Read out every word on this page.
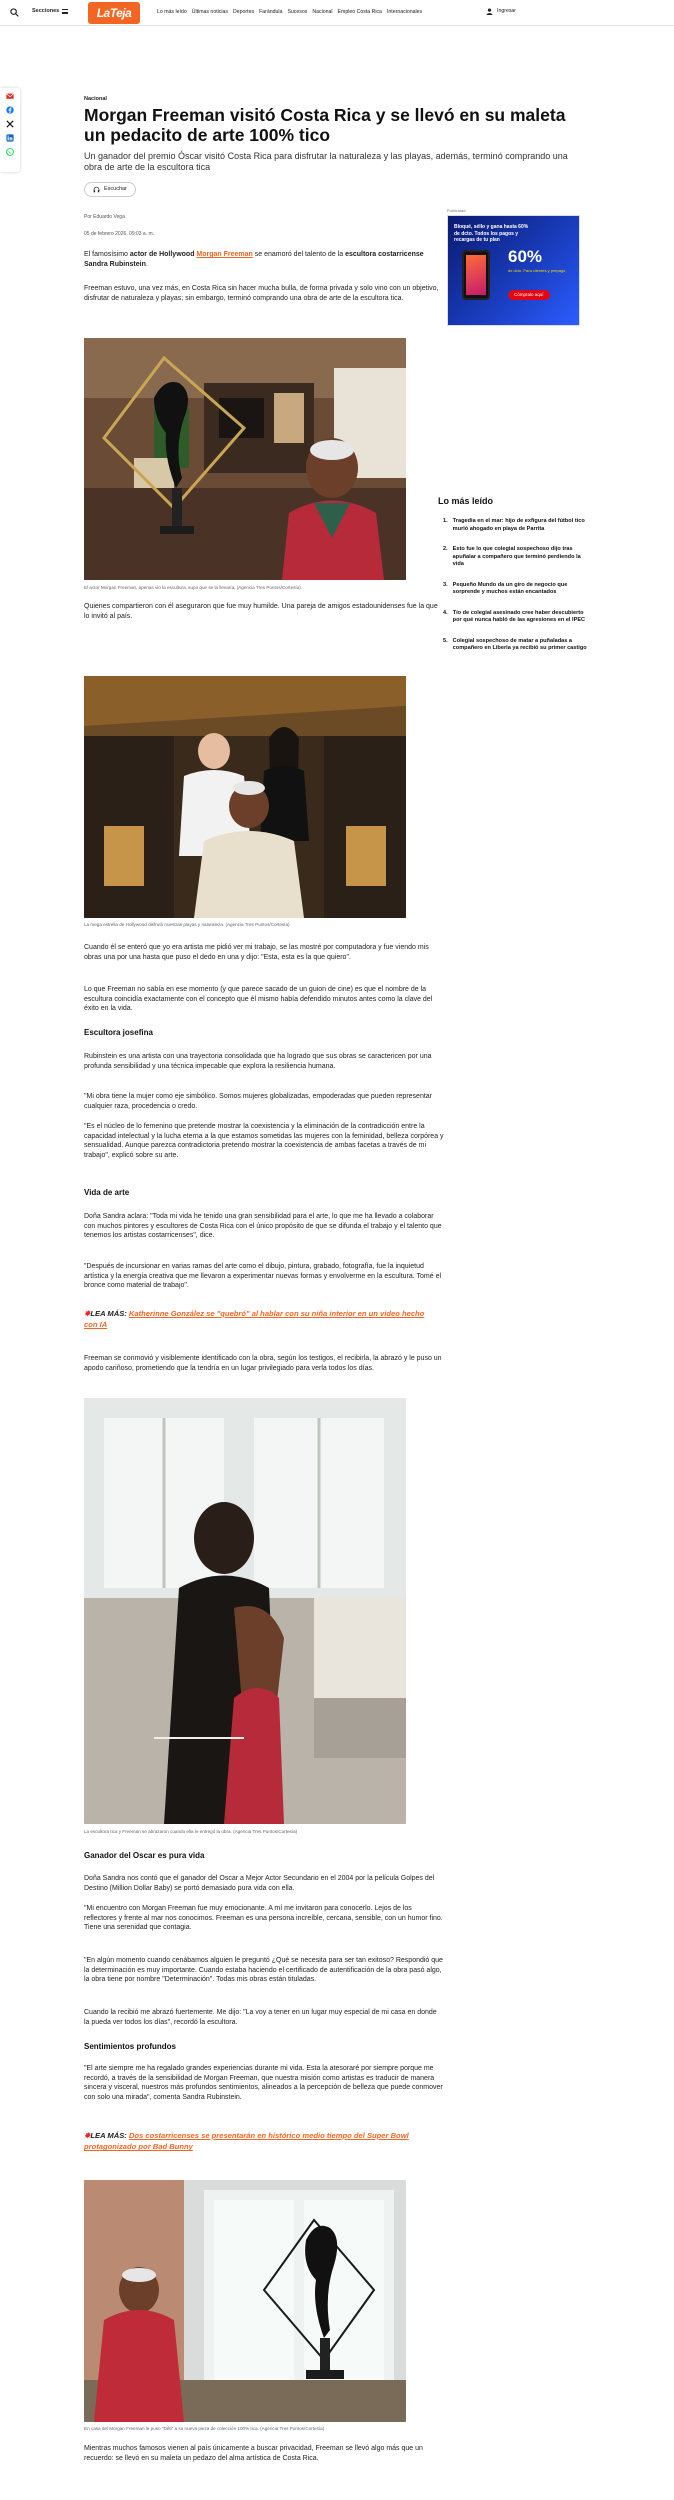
Secciones	LaTeja	Lo más leído Últimas noticias Deportes Farándula Sucesos Nacional Empleo Costa Rica Internacionales	Ingresar
Nacional
Morgan Freeman visitó Costa Rica y se llevó en su maleta un pedacito de arte 100% tico
Un ganador del premio Óscar visitó Costa Rica para disfrutar la naturaleza y las playas, además, terminó comprando una obra de arte de la escultora tica
Escuchar
Por Eduardo Vega
05 de febrero 2026, 09:03 a. m.
El famosísimo actor de Hollywood Morgan Freeman se enamoró del talento de la escultora costarricense Sandra Rubinstein.
Freeman estuvo, una vez más, en Costa Rica sin hacer mucha bulla, de forma privada y solo vino con un objetivo, disfrutar de naturaleza y playas; sin embargo, terminó comprando una obra de arte de la escultora tica.
El actor Morgan Freeman, apenas vio la escultura, supo que se la llevaría. (Agencia Tres Puntos/Cortesía)
Quienes compartieron con él aseguraron que fue muy humilde. Una pareja de amigos estadounidenses fue la que lo invitó al país.
La mega estrella de Hollywood disfrutó nuestras playas y naturaleza. (Agencia Tres Puntos/Cortesía)
Cuando él se enteró que yo era artista me pidió ver mi trabajo, se las mostré por computadora y fue viendo mis obras una por una hasta que puso el dedo en una y dijo: "Esta, esta es la que quiero".
Lo que Freeman no sabía en ese momento (y que parece sacado de un guion de cine) es que el nombre de la escultura coincidía exactamente con el concepto que él mismo había defendido minutos antes como la clave del éxito en la vida.
Escultora josefina
Rubinstein es una artista con una trayectoria consolidada que ha logrado que sus obras se caractericen por una profunda sensibilidad y una técnica impecable que explora la resiliencia humana.
"Mi obra tiene la mujer como eje simbólico. Somos mujeres globalizadas, empoderadas que pueden representar cualquier raza, procedencia o credo.
"Es el núcleo de lo femenino que pretende mostrar la coexistencia y la eliminación de la contradicción entre la capacidad intelectual y la lucha eterna a la que estamos sometidas las mujeres con la feminidad, belleza corpórea y sensualidad. Aunque parezca contradictoria pretendo mostrar la coexistencia de ambas facetas a través de mi trabajo", explicó sobre su arte.
Vida de arte
Doña Sandra aclara: "Toda mi vida he tenido una gran sensibilidad para el arte, lo que me ha llevado a colaborar con muchos pintores y escultores de Costa Rica con el único propósito de que se difunda el trabajo y el talento que tenemos los artistas costarricenses", dice.
"Después de incursionar en varias ramas del arte como el dibujo, pintura, grabado, fotografía, fue la inquietud artística y la energía creativa que me llevaron a experimentar nuevas formas y envolverme en la escultura. Tomé el bronce como material de trabajo".
✸LEA MÁS: Katherinne González se "quebró" al hablar con su niña interior en un video hecho con IA
Freeman se conmovió y visiblemente identificado con la obra, según los testigos, el recibirla, la abrazó y le puso un apodo cariñoso, prometiendo que la tendría en un lugar privilegiado para verla todos los días.
La escultora tica y Freeman se abrazaron cuando ella le entregó la obra. (Agencia Tres Puntos/Cortesía)
Ganador del Oscar es pura vida
Doña Sandra nos contó que el ganador del Oscar a Mejor Actor Secundario en el 2004 por la película Golpes del Destino (Million Dollar Baby) se portó demasiado pura vida con ella.
"Mi encuentro con Morgan Freeman fue muy emocionante. A mí me invitaron para conocerlo. Lejos de los reflectores y frente al mar nos conocimos. Freeman es una persona increíble, cercana, sensible, con un humor fino. Tiene una serenidad que contagia.
"En algún momento cuando cenábamos alguien le preguntó ¿Qué se necesita para ser tan exitoso? Respondió que la determinación es muy importante. Cuando estaba haciendo el certificado de autentificación de la obra pasó algo, la obra tiene por nombre "Determinación". Todas mis obras están tituladas.
Cuando la recibió me abrazó fuertemente. Me dijo: "La voy a tener en un lugar muy especial de mi casa en donde la pueda ver todos los días", recordó la escultora.
Sentimientos profundos
"El arte siempre me ha regalado grandes experiencias durante mi vida. Esta la atesoraré por siempre porque me recordó, a través de la sensibilidad de Morgan Freeman, que nuestra misión como artistas es traducir de manera sincera y visceral, nuestros más profundos sentimientos, alineados a la percepción de belleza que puede conmover con solo una mirada", comenta Sandra Rubinstein.
✸LEA MÁS: Dos costarricenses se presentarán en histórico medio tiempo del Super Bowl protagonizado por Bad Bunny
En casa del Morgan Freeman le puso "Déti" a su nueva pieza de colección 100% tica. (Agencia Tres Puntos/Cortesía)
Mientras muchos famosos vienen al país únicamente a buscar privacidad, Freeman se llevó algo más que un recuerdo: se llevó en su maleta un pedazo del alma artística de Costa Rica.
Publicidad
Bloqué, séllo y gana hasta 60% de dcto. Todos los pagos y recargas de tu plan
60%
de dcto. Para clientes y prepago
Cómpralo aquí
Lo más leído
1. Tragedia en el mar: hijo de exfigura del fútbol tico murió ahogado en playa de Parrita
2. Esto fue lo que colegial sospechoso dijo tras apuñalar a compañero que terminó perdiendo la vida
3. Pequeño Mundo da un giro de negocio que sorprende y muchos están encantados
4. Tío de colegial asesinado cree haber descubierto por qué nunca habló de las agresiones en el IPEC
5. Colegial sospechoso de matar a puñaladas a compañero en Liberia ya recibió su primer castigo
